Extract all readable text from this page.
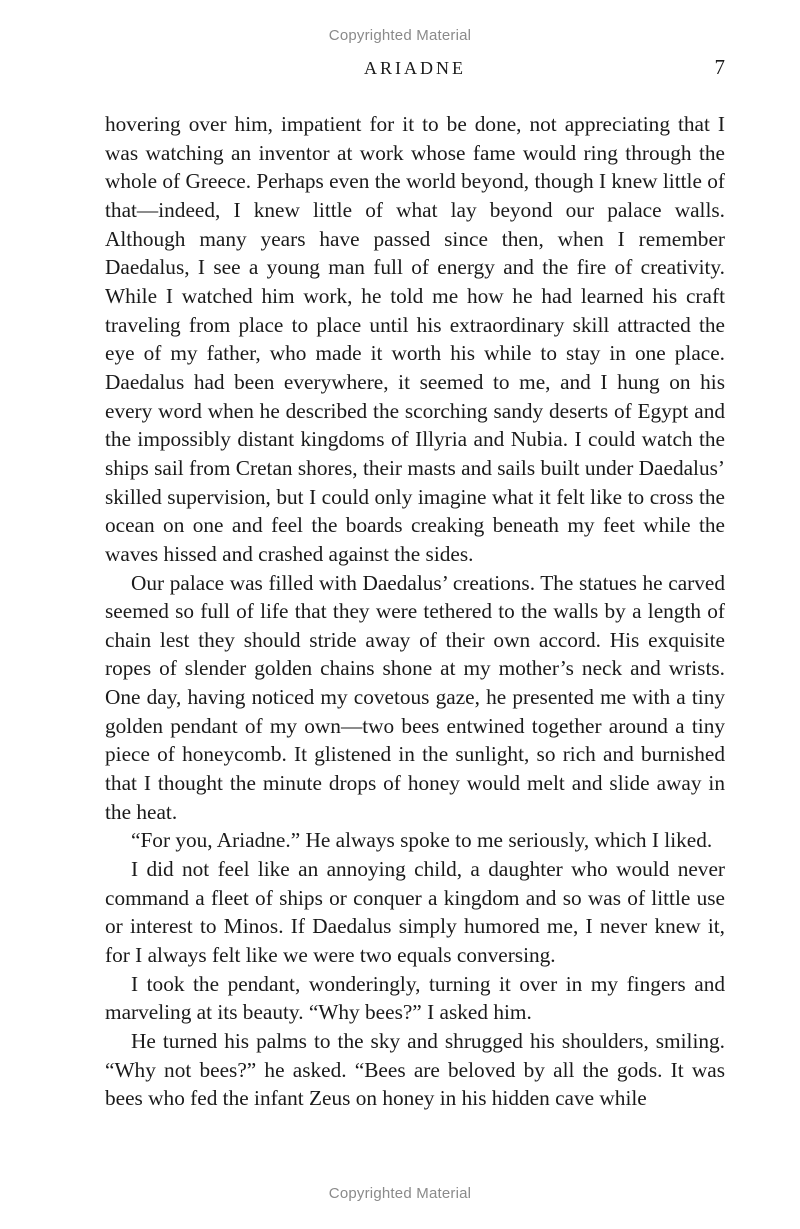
Copyrighted Material
ARIADNE	7

hovering over him, impatient for it to be done, not appreciating that I was watching an inventor at work whose fame would ring through the whole of Greece. Perhaps even the world beyond, though I knew little of that—indeed, I knew little of what lay beyond our palace walls. Although many years have passed since then, when I remember Daedalus, I see a young man full of energy and the fire of creativity. While I watched him work, he told me how he had learned his craft traveling from place to place until his extraordinary skill attracted the eye of my father, who made it worth his while to stay in one place. Daedalus had been everywhere, it seemed to me, and I hung on his every word when he described the scorching sandy deserts of Egypt and the impossibly distant kingdoms of Illyria and Nubia. I could watch the ships sail from Cretan shores, their masts and sails built under Daedalus’ skilled supervision, but I could only imagine what it felt like to cross the ocean on one and feel the boards creaking beneath my feet while the waves hissed and crashed against the sides.

Our palace was filled with Daedalus’ creations. The statues he carved seemed so full of life that they were tethered to the walls by a length of chain lest they should stride away of their own accord. His exquisite ropes of slender golden chains shone at my mother’s neck and wrists. One day, having noticed my covetous gaze, he presented me with a tiny golden pendant of my own—two bees entwined together around a tiny piece of honeycomb. It glistened in the sunlight, so rich and burnished that I thought the minute drops of honey would melt and slide away in the heat.

“For you, Ariadne.” He always spoke to me seriously, which I liked.

I did not feel like an annoying child, a daughter who would never command a fleet of ships or conquer a kingdom and so was of little use or interest to Minos. If Daedalus simply humored me, I never knew it, for I always felt like we were two equals conversing.

I took the pendant, wonderingly, turning it over in my fingers and marveling at its beauty. “Why bees?” I asked him.

He turned his palms to the sky and shrugged his shoulders, smiling. “Why not bees?” he asked. “Bees are beloved by all the gods. It was bees who fed the infant Zeus on honey in his hidden cave while

Copyrighted Material
